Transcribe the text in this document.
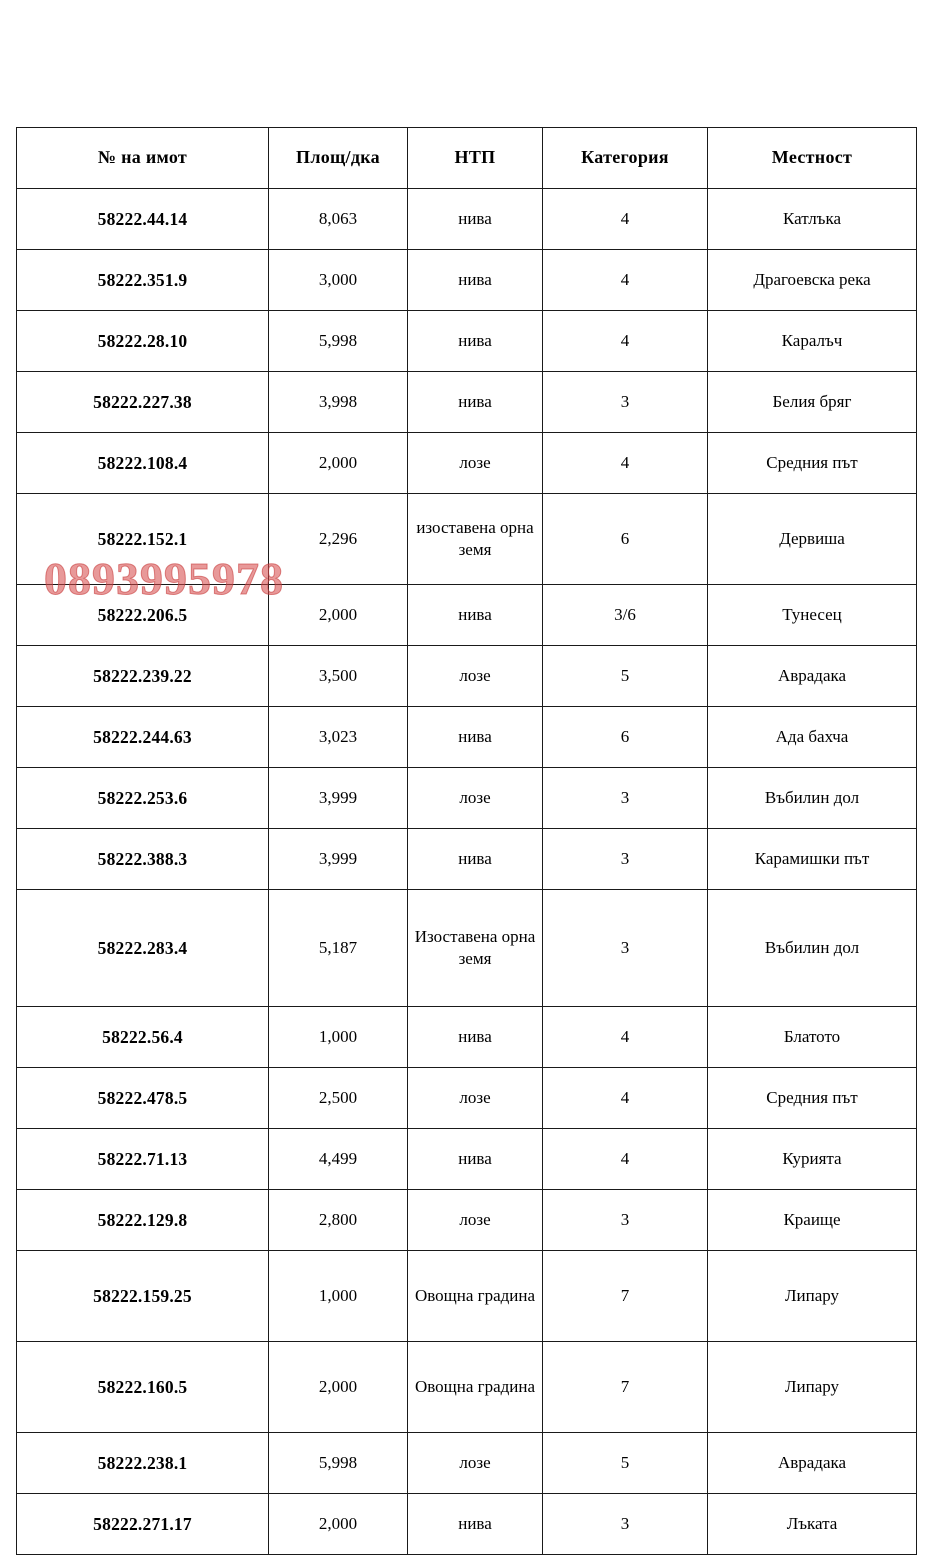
№ на имот	Площ/дка	НТП	Категория	Местност
58222.44.14	8,063	нива	4	Катлъка
58222.351.9	3,000	нива	4	Драгоевска река
58222.28.10	5,998	нива	4	Каралъч
58222.227.38	3,998	нива	3	Белия бряг
58222.108.4	2,000	лозе	4	Средния път
58222.152.1	2,296	изоставена орна земя	6	Дервиша
58222.206.5	2,000	нива	3/6	Тунесец
58222.239.22	3,500	лозе	5	Аврадака
58222.244.63	3,023	нива	6	Ада бахча
58222.253.6	3,999	лозе	3	Въбилин дол
58222.388.3	3,999	нива	3	Карамишки път
58222.283.4	5,187	Изоставена орна земя	3	Въбилин дол
58222.56.4	1,000	нива	4	Блатото
58222.478.5	2,500	лозе	4	Средния път
58222.71.13	4,499	нива	4	Курията
58222.129.8	2,800	лозе	3	Краище
58222.159.25	1,000	Овощна градина	7	Липару
58222.160.5	2,000	Овощна градина	7	Липару
58222.238.1	5,998	лозе	5	Аврадака
58222.271.17	2,000	нива	3	Лъката
0893995978
